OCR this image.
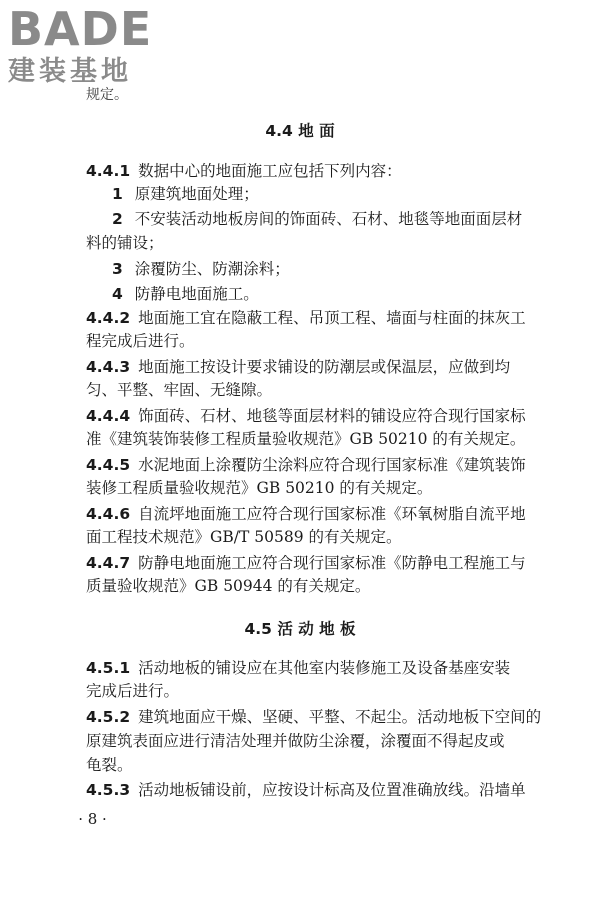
BADE
建装基地
规定。
4.4 地 面
4.4.1 数据中心的地面施工应包括下列内容：
1 原建筑地面处理；
2 不安装活动地板房间的饰面砖、石材、地毯等地面面层材
料的铺设；
3 涂覆防尘、防潮涂料；
4 防静电地面施工。
4.4.2 地面施工宜在隐蔽工程、吊顶工程、墙面与柱面的抹灰工
程完成后进行。
4.4.3 地面施工按设计要求铺设的防潮层或保温层，应做到均
匀、平整、牢固、无缝隙。
4.4.4 饰面砖、石材、地毯等面层材料的铺设应符合现行国家标
准《建筑装饰装修工程质量验收规范》GB 50210 的有关规定。
4.4.5 水泥地面上涂覆防尘涂料应符合现行国家标准《建筑装饰
装修工程质量验收规范》GB 50210 的有关规定。
4.4.6 自流坪地面施工应符合现行国家标准《环氧树脂自流平地
面工程技术规范》GB/T 50589 的有关规定。
4.4.7 防静电地面施工应符合现行国家标准《防静电工程施工与
质量验收规范》GB 50944 的有关规定。
4.5 活 动 地 板
4.5.1 活动地板的铺设应在其他室内装修施工及设备基座安装
完成后进行。
4.5.2 建筑地面应干燥、坚硬、平整、不起尘。活动地板下空间的
原建筑表面应进行清洁处理并做防尘涂覆，涂覆面不得起皮或
龟裂。
4.5.3 活动地板铺设前，应按设计标高及位置准确放线。沿墙单
· 8 ·
